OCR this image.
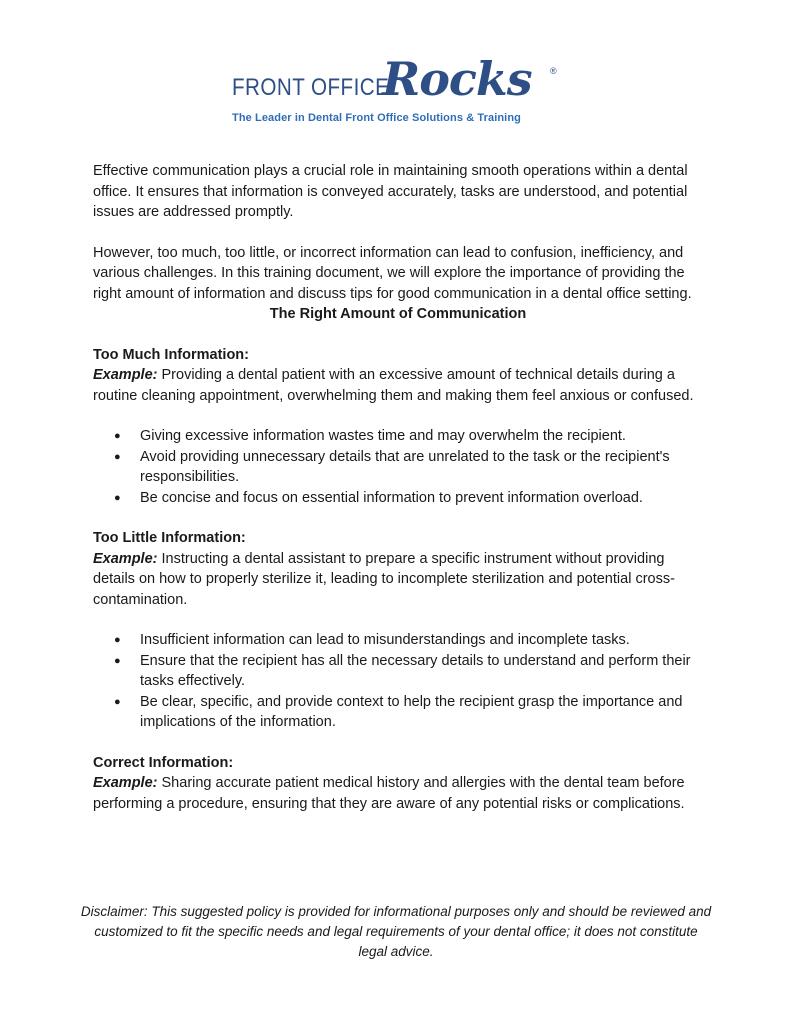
FRONT OFFICE
Rocks ®
The Leader in Dental Front Office Solutions & Training

Effective communication plays a crucial role in maintaining smooth operations within a dental office. It ensures that information is conveyed accurately, tasks are understood, and potential issues are addressed promptly.

However, too much, too little, or incorrect information can lead to confusion, inefficiency, and various challenges. In this training document, we will explore the importance of providing the right amount of information and discuss tips for good communication in a dental office setting.

The Right Amount of Communication
Too Much Information:

Example: Providing a dental patient with an excessive amount of technical details during a routine cleaning appointment, overwhelming them and making them feel anxious or confused.

● Giving excessive information wastes time and may overwhelm the recipient.
● Avoid providing unnecessary details that are unrelated to the task or the recipient's responsibilities.
● Be concise and focus on essential information to prevent information overload.
Too Little Information:

Example: Instructing a dental assistant to prepare a specific instrument without providing details on how to properly sterilize it, leading to incomplete sterilization and potential cross-contamination.

● Insufficient information can lead to misunderstandings and incomplete tasks.
● Ensure that the recipient has all the necessary details to understand and perform their tasks effectively.
● Be clear, specific, and provide context to help the recipient grasp the importance and implications of the information.
Correct Information:

Example: Sharing accurate patient medical history and allergies with the dental team before performing a procedure, ensuring that they are aware of any potential risks or complications.

Disclaimer: This suggested policy is provided for informational purposes only and should be reviewed and customized to fit the specific needs and legal requirements of your dental office; it does not constitute legal advice.
